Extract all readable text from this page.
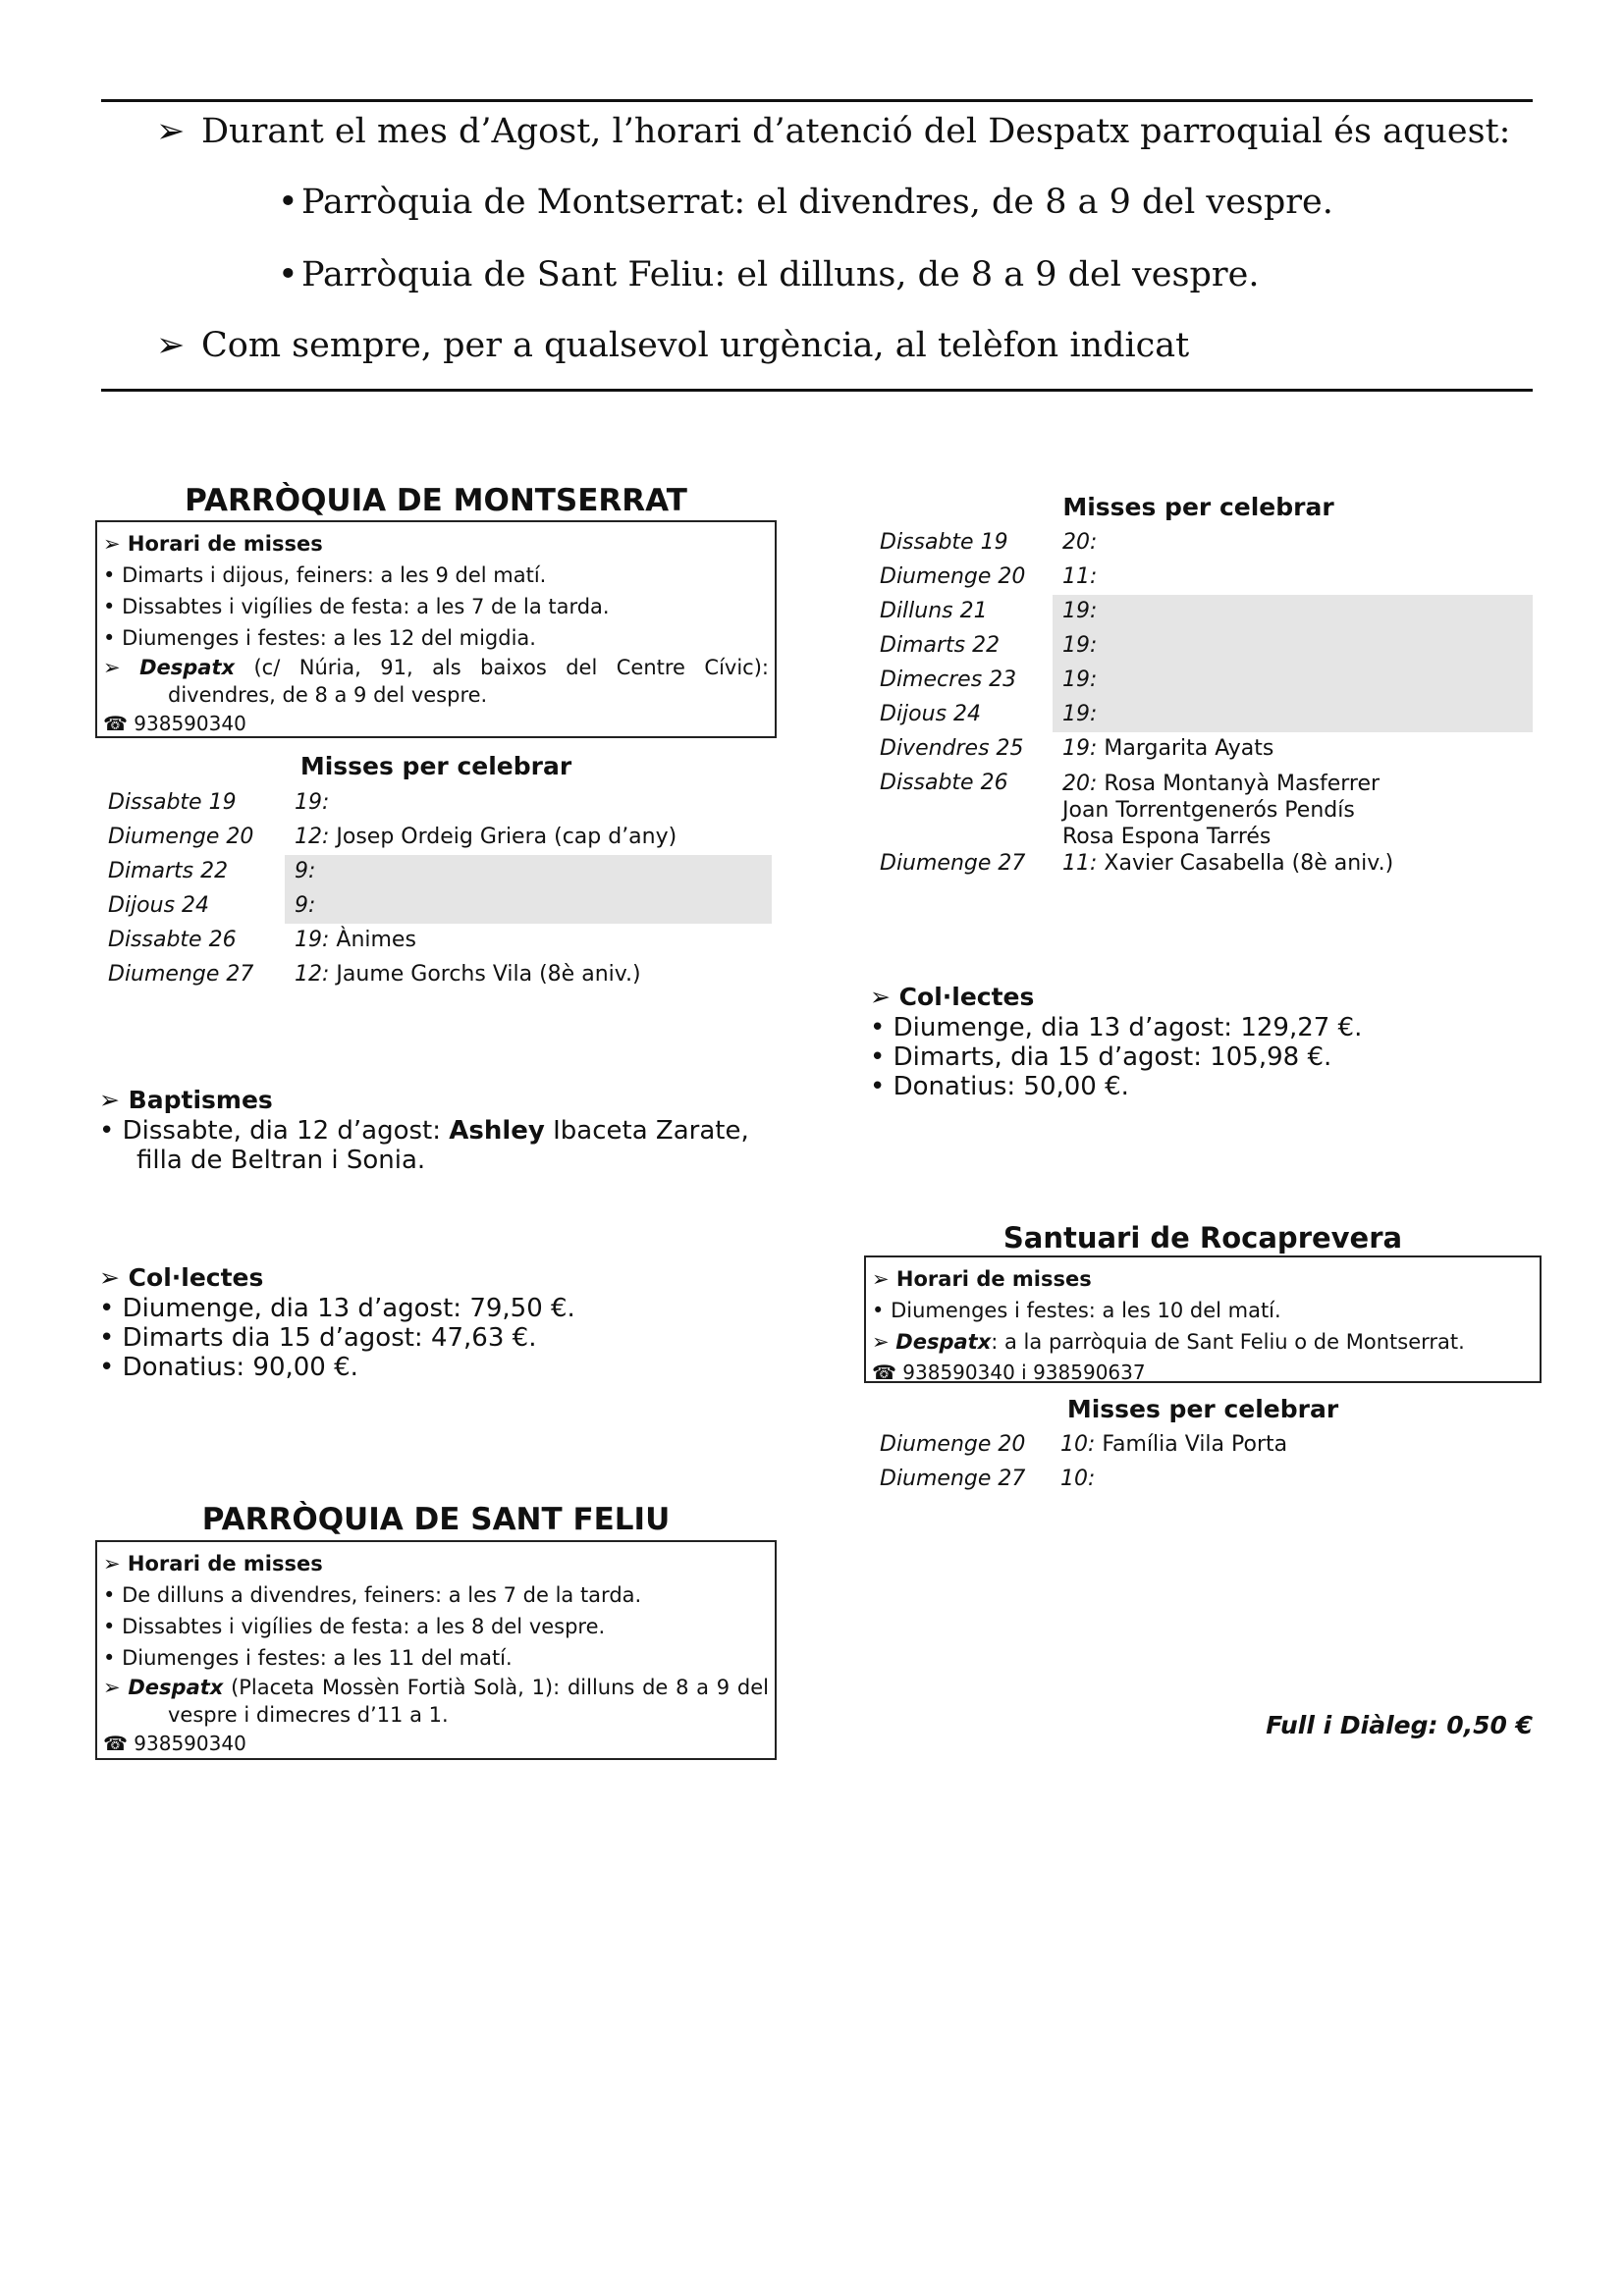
➢ Durant el mes d’Agost, l’horari d’atenció del Despatx parroquial és aquest:
•Parròquia de Montserrat: el divendres, de 8 a 9 del vespre.
•Parròquia de Sant Feliu: el dilluns, de 8 a 9 del vespre.
➢ Com sempre, per a qualsevol urgència, al telèfon indicat
PARRÒQUIA DE MONTSERRAT
➢ Horari de misses
• Dimarts i dijous, feiners: a les 9 del matí.
• Dissabtes i vigílies de festa: a les 7 de la tarda.
• Diumenges i festes: a les 12 del migdia.
➢ Despatx (c/ Núria, 91, als baixos del Centre Cívic): divendres, de 8 a 9 del vespre.
☎ 938590340
Misses per celebrar
Dissabte 19	19:
Diumenge 20	12: Josep Ordeig Griera (cap d’any)
Dimarts 22	9:
Dijous 24	9:
Dissabte 26	19: Ànimes
Diumenge 27	12: Jaume Gorchs Vila (8è aniv.)
➢ Baptismes
• Dissabte, dia 12 d’agost: Ashley Ibaceta Zarate, filla de Beltran i Sonia.
➢ Col·lectes
• Diumenge, dia 13 d’agost: 79,50 €.
• Dimarts dia 15 d’agost: 47,63 €.
• Donatius: 90,00 €.
PARRÒQUIA DE SANT FELIU
➢ Horari de misses
• De dilluns a divendres, feiners: a les 7 de la tarda.
• Dissabtes i vigílies de festa: a les 8 del vespre.
• Diumenges i festes: a les 11 del matí.
➢ Despatx (Placeta Mossèn Fortià Solà, 1): dilluns de 8 a 9 del vespre i dimecres d’11 a 1.
☎ 938590340
Misses per celebrar
Dissabte 19	20:
Diumenge 20	11:
Dilluns 21	19:
Dimarts 22	19:
Dimecres 23	19:
Dijous 24	19:
Divendres 25	19: Margarita Ayats
Dissabte 26	20: Rosa Montanyà Masferrer
Joan Torrentgenerós Pendís
Rosa Espona Tarrés
Diumenge 27	11: Xavier Casabella (8è aniv.)
➢ Col·lectes
• Diumenge, dia 13 d’agost: 129,27 €.
• Dimarts, dia 15 d’agost: 105,98 €.
• Donatius: 50,00 €.
Santuari de Rocaprevera
➢ Horari de misses
• Diumenges i festes: a les 10 del matí.
➢ Despatx: a la parròquia de Sant Feliu o de Montserrat.
☎ 938590340 i 938590637
Misses per celebrar
Diumenge 20	10: Família Vila Porta
Diumenge 27	10:
Full i Diàleg: 0,50 €
